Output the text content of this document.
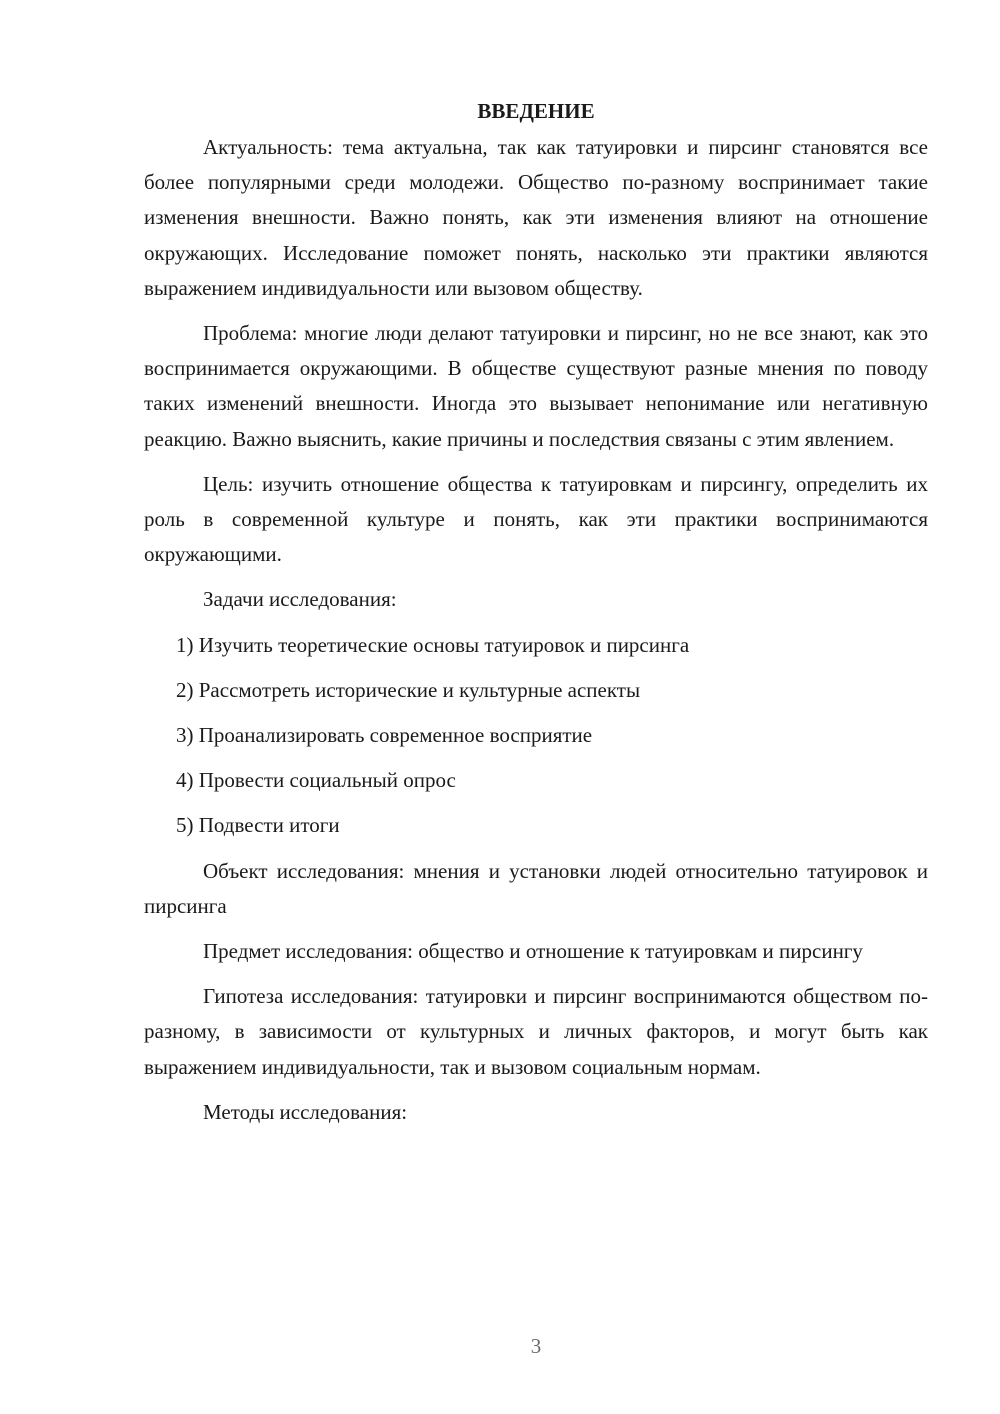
ВВЕДЕНИЕ

Актуальность: тема актуальна, так как татуировки и пирсинг становятся все более популярными среди молодежи. Общество по-разному воспринимает такие изменения внешности. Важно понять, как эти изменения влияют на отношение окружающих. Исследование поможет понять, насколько эти практики являются выражением индивидуальности или вызовом обществу.

Проблема: многие люди делают татуировки и пирсинг, но не все знают, как это воспринимается окружающими. В обществе существуют разные мнения по поводу таких изменений внешности. Иногда это вызывает непонимание или негативную реакцию. Важно выяснить, какие причины и последствия связаны с этим явлением.

Цель: изучить отношение общества к татуировкам и пирсингу, определить их роль в современной культуре и понять, как эти практики воспринимаются окружающими.

Задачи исследования:

1) Изучить теоретические основы татуировок и пирсинга
2) Рассмотреть исторические и культурные аспекты
3) Проанализировать современное восприятие
4) Провести социальный опрос
5) Подвести итоги

Объект исследования: мнения и установки людей относительно татуировок и пирсинга

Предмет исследования: общество и отношение к татуировкам и пирсингу

Гипотеза исследования: татуировки и пирсинг воспринимаются обществом по-разному, в зависимости от культурных и личных факторов, и могут быть как выражением индивидуальности, так и вызовом социальным нормам.

Методы исследования:

3
